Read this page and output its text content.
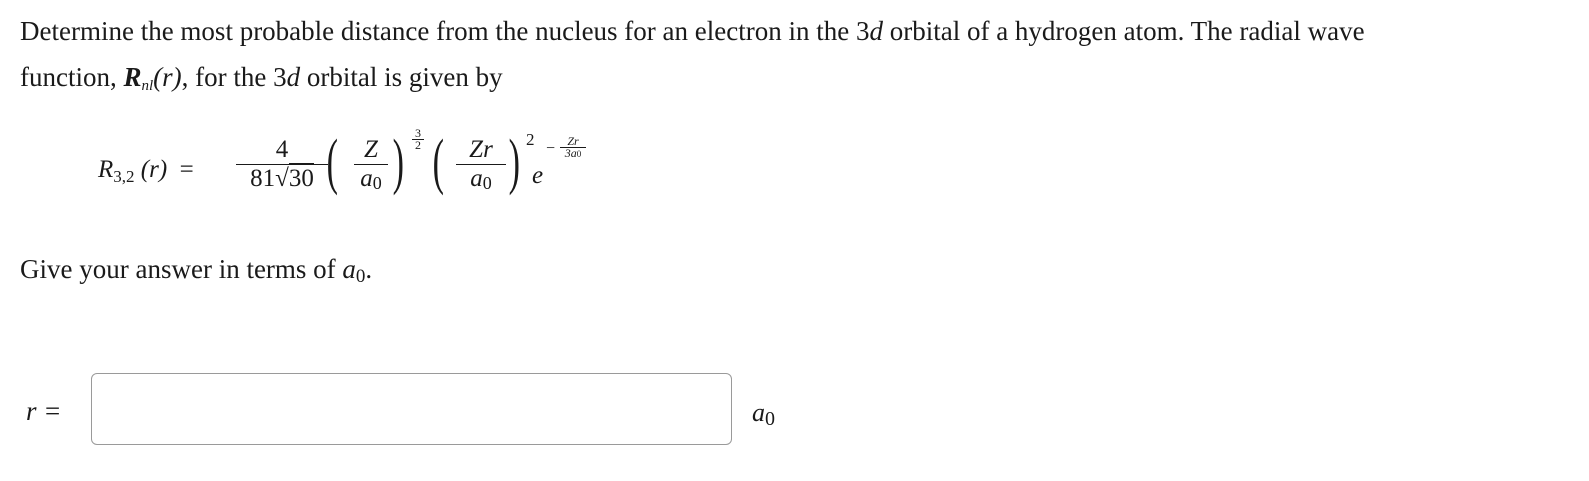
Determine the most probable distance from the nucleus for an electron in the 3d orbital of a hydrogen atom. The radial wave
function, $R_{nl}(r)$, for the 3d orbital is given by
$R_{3,2}$ (r) =
4
81√30 (	Z
a0 ) 3
2 (	Zr
a0 ) 2
e
−	Zr
3a0
Give your answer in terms of a0.
r =	a0
